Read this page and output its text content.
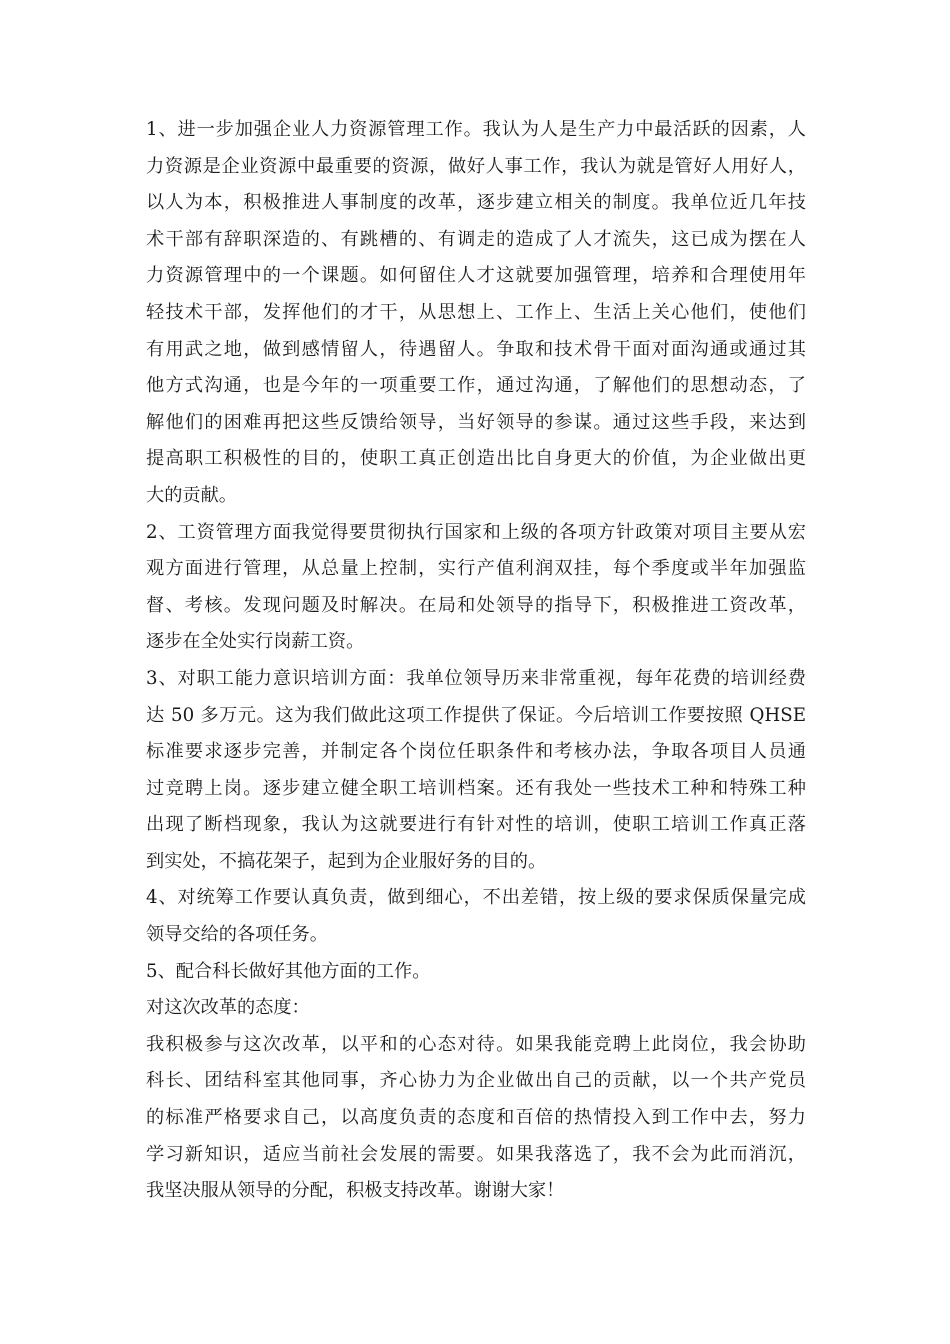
1、进一步加强企业人力资源管理工作。我认为人是生产力中最活跃的因素，人
力资源是企业资源中最重要的资源，做好人事工作，我认为就是管好人用好人，
以人为本，积极推进人事制度的改革，逐步建立相关的制度。我单位近几年技
术干部有辞职深造的、有跳槽的、有调走的造成了人才流失，这已成为摆在人
力资源管理中的一个课题。如何留住人才这就要加强管理，培养和合理使用年
轻技术干部，发挥他们的才干，从思想上、工作上、生活上关心他们，使他们
有用武之地，做到感情留人，待遇留人。争取和技术骨干面对面沟通或通过其
他方式沟通，也是今年的一项重要工作，通过沟通，了解他们的思想动态，了
解他们的困难再把这些反馈给领导，当好领导的参谋。通过这些手段，来达到
提高职工积极性的目的，使职工真正创造出比自身更大的价值，为企业做出更
大的贡献。
2、工资管理方面我觉得要贯彻执行国家和上级的各项方针政策对项目主要从宏
观方面进行管理，从总量上控制，实行产值利润双挂，每个季度或半年加强监
督、考核。发现问题及时解决。在局和处领导的指导下，积极推进工资改革，
逐步在全处实行岗薪工资。
3、对职工能力意识培训方面：我单位领导历来非常重视，每年花费的培训经费
达 50 多万元。这为我们做此这项工作提供了保证。今后培训工作要按照 QHSE
标准要求逐步完善，并制定各个岗位任职条件和考核办法，争取各项目人员通
过竞聘上岗。逐步建立健全职工培训档案。还有我处一些技术工种和特殊工种
出现了断档现象，我认为这就要进行有针对性的培训，使职工培训工作真正落
到实处，不搞花架子，起到为企业服好务的目的。
4、对统筹工作要认真负责，做到细心，不出差错，按上级的要求保质保量完成
领导交给的各项任务。
5、配合科长做好其他方面的工作。
对这次改革的态度：
我积极参与这次改革，以平和的心态对待。如果我能竞聘上此岗位，我会协助
科长、团结科室其他同事，齐心协力为企业做出自己的贡献，以一个共产党员
的标准严格要求自己，以高度负责的态度和百倍的热情投入到工作中去，努力
学习新知识，适应当前社会发展的需要。如果我落选了，我不会为此而消沉，
我坚决服从领导的分配，积极支持改革。谢谢大家！
